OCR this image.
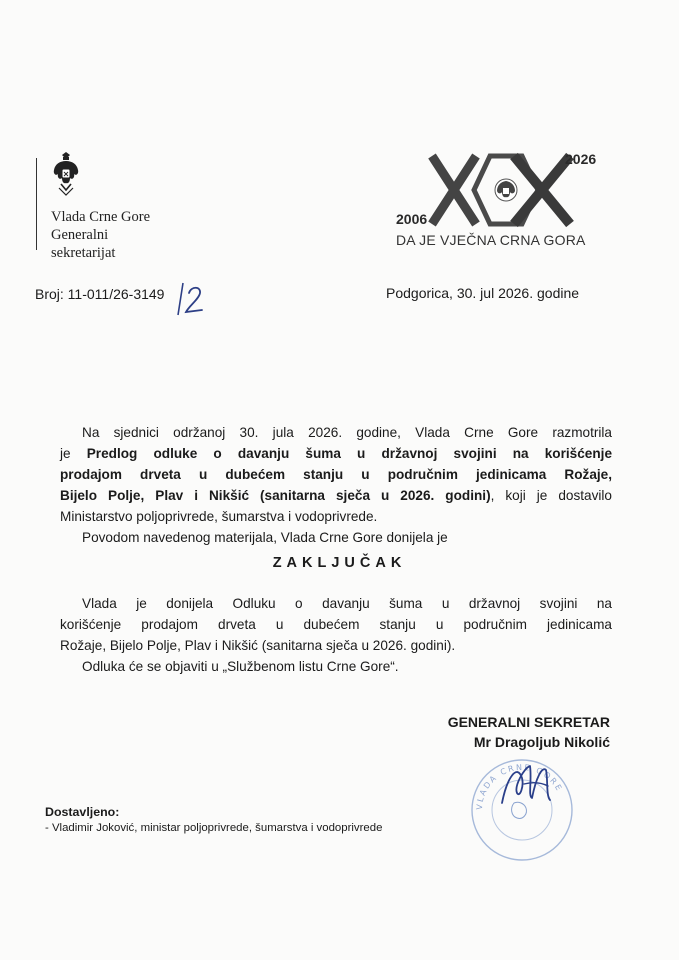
Vlada Crne Gore
Generalni
sekretarijat
2006
2026
DA JE VJEČNA CRNA GORA
Broj: 11-011/26-3149	Podgorica, 30. jul 2026. godine
Na sjednici održanoj 30. jula 2026. godine, Vlada Crne Gore razmotrila
je Predlog odluke o davanju šuma u državnoj svojini na korišćenje
prodajom drveta u dubećem stanju u područnim jedinicama Rožaje,
Bijelo Polje, Plav i Nikšić (sanitarna sječa u 2026. godini), koji je dostavilo
Ministarstvo poljoprivrede, šumarstva i vodoprivrede.
Povodom navedenog materijala, Vlada Crne Gore donijela je
ZAKLJUČAK
Vlada je donijela Odluku o davanju šuma u državnoj svojini na
korišćenje prodajom drveta u dubećem stanju u područnim jedinicama
Rožaje, Bijelo Polje, Plav i Nikšić (sanitarna sječa u 2026. godini).
Odluka će se objaviti u „Službenom listu Crne Gore“.
GENERALNI SEKRETAR
Mr Dragoljub Nikolić
VLADA CRNE GORE
Dostavljeno:
- Vladimir Joković, ministar poljoprivrede, šumarstva i vodoprivrede
